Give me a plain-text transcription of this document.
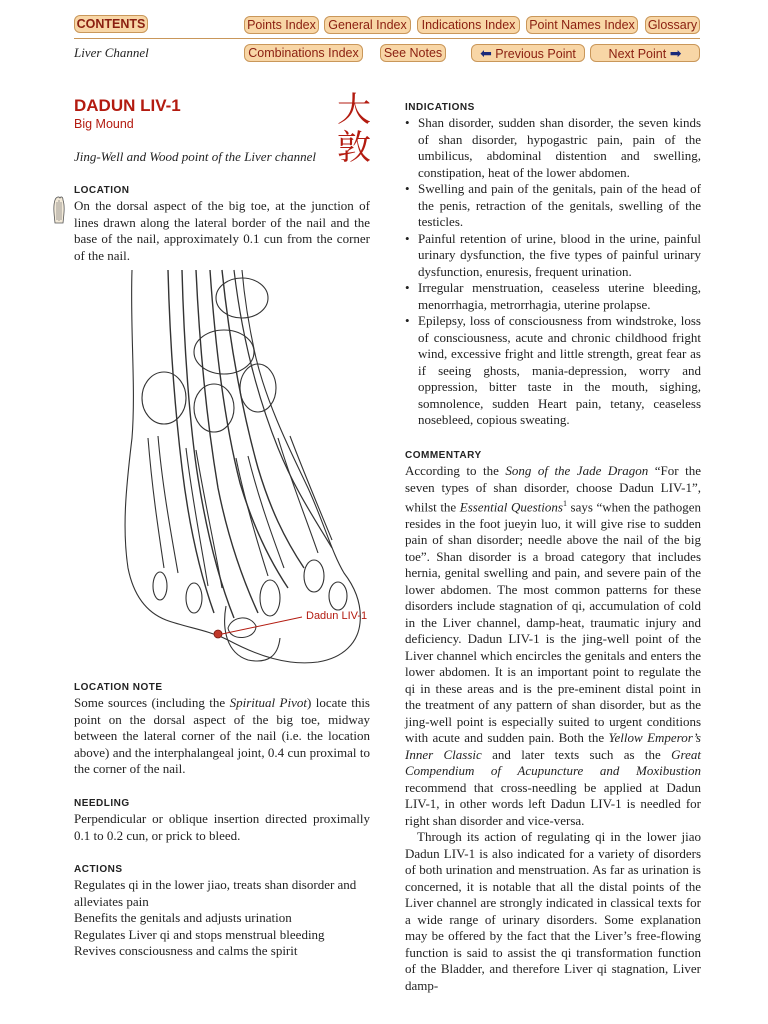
CONTENTS	Points Index General Index	Indications Index	Point Names Index Glossary
Liver Channel	Combinations Index	See Notes	⬅ Previous Point	Next Point ➡
DADUN LIV-1
Big Mound
Jing-Well and Wood point of the Liver channel
大敦
LOCATION
On the dorsal aspect of the big toe, at the junction of lines drawn along the lateral border of the nail and the base of the nail, approximately 0.1 cun from the corner of the nail.
Dadun LIV-1
LOCATION NOTE
Some sources (including the Spiritual Pivot) locate this point on the dorsal aspect of the big toe, midway between the lateral corner of the nail (i.e. the location above) and the interphalangeal joint, 0.4 cun proximal to the corner of the nail.
NEEDLING
Perpendicular or oblique insertion directed proximally 0.1 to 0.2 cun, or prick to bleed.
ACTIONS
Regulates qi in the lower jiao, treats shan disorder and alleviates pain
Benefits the genitals and adjusts urination
Regulates Liver qi and stops menstrual bleeding
Revives consciousness and calms the spirit
INDICATIONS
• Shan disorder, sudden shan disorder, the seven kinds of shan disorder, hypogastric pain, pain of the umbilicus, abdominal distention and swelling, constipation, heat of the lower abdomen.
• Swelling and pain of the genitals, pain of the head of the penis, retraction of the genitals, swelling of the testicles.
• Painful retention of urine, blood in the urine, painful urinary dysfunction, the five types of painful urinary dysfunction, enuresis, frequent urination.
• Irregular menstruation, ceaseless uterine bleeding, menorrhagia, metrorrhagia, uterine prolapse.
• Epilepsy, loss of consciousness from windstroke, loss of consciousness, acute and chronic childhood fright wind, excessive fright and little strength, great fear as if seeing ghosts, mania-depression, worry and oppression, bitter taste in the mouth, sighing, somnolence, sudden Heart pain, tetany, ceaseless nosebleed, copious sweating.
COMMENTARY
According to the Song of the Jade Dragon “For the seven types of shan disorder, choose Dadun LIV-1”, whilst the Essential Questions$^1$ says “when the pathogen resides in the foot jueyin luo, it will give rise to sudden pain of shan disorder; needle above the nail of the big toe”. Shan disorder is a broad category that includes hernia, genital swelling and pain, and severe pain of the lower abdomen. The most common patterns for these disorders include stagnation of qi, accumulation of cold in the Liver channel, damp-heat, traumatic injury and deficiency. Dadun LIV-1 is the jing-well point of the Liver channel which encircles the genitals and enters the lower abdomen. It is an important point to regulate the qi in these areas and is the pre-eminent distal point in the treatment of any pattern of shan disorder, but as the jing-well point is especially suited to urgent conditions with acute and sudden pain. Both the Yellow Emperor’s Inner Classic and later texts such as the Great Compendium of Acupuncture and Moxibustion recommend that cross-needling be applied at Dadun LIV-1, in other words left Dadun LIV-1 is needled for right shan disorder and vice-versa.
Through its action of regulating qi in the lower jiao Dadun LIV-1 is also indicated for a variety of disorders of both urination and menstruation. As far as urination is concerned, it is notable that all the distal points of the Liver channel are strongly indicated in classical texts for a wide range of urinary disorders. Some explanation may be offered by the fact that the Liver’s free-flowing function is said to assist the qi transformation function of the Bladder, and therefore Liver qi stagnation, Liver damp-
